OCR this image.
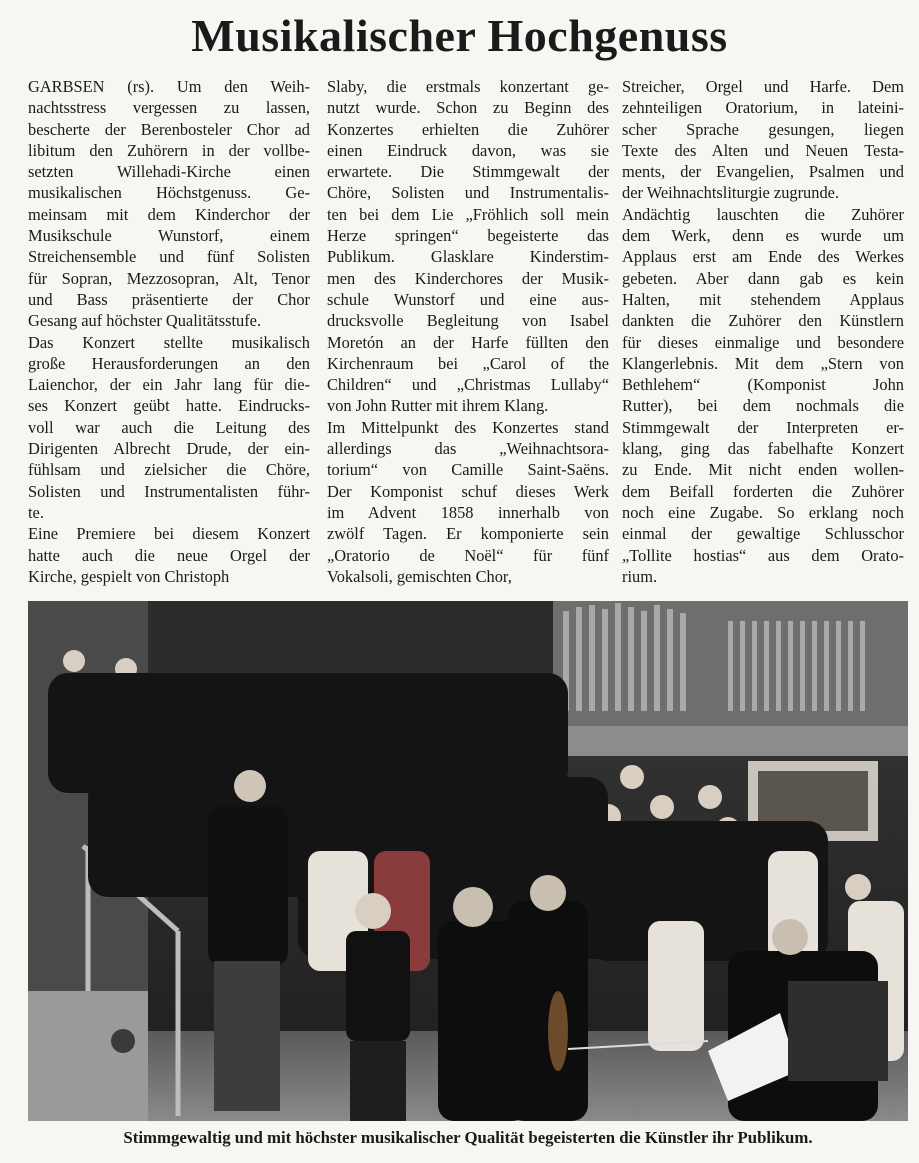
Musikalischer Hochgenuss
GARBSEN (rs). Um den Weih-
nachtsstress vergessen zu lassen,
bescherte der Berenbosteler Chor ad
libitum den Zuhörern in der vollbe-
setzten Willehadi-Kirche einen
musikalischen Höchstgenuss. Ge-
meinsam mit dem Kinderchor der
Musikschule Wunstorf, einem
Streichensemble und fünf Solisten
für Sopran, Mezzosopran, Alt, Tenor
und Bass präsentierte der Chor
Gesang auf höchster Qualitätsstufe.
Das Konzert stellte musikalisch
große Herausforderungen an den
Laienchor, der ein Jahr lang für die-
ses Konzert geübt hatte. Eindrucks-
voll war auch die Leitung des
Dirigenten Albrecht Drude, der ein-
fühlsam und zielsicher die Chöre,
Solisten und Instrumentalisten führ-
te.
Eine Premiere bei diesem Konzert
hatte auch die neue Orgel der
Kirche, gespielt von Christoph
Slaby, die erstmals konzertant ge-
nutzt wurde. Schon zu Beginn des
Konzertes erhielten die Zuhörer
einen Eindruck davon, was sie
erwartete. Die Stimmgewalt der
Chöre, Solisten und Instrumentalis-
ten bei dem Lie „Fröhlich soll mein
Herze springen“ begeisterte das
Publikum. Glasklare Kinderstim-
men des Kinderchores der Musik-
schule Wunstorf und eine aus-
drucksvolle Begleitung von Isabel
Moretón an der Harfe füllten den
Kirchenraum bei „Carol of the
Children“ und „Christmas Lullaby“
von John Rutter mit ihrem Klang.
Im Mittelpunkt des Konzertes stand
allerdings das „Weihnachtsora-
torium“ von Camille Saint-Saëns.
Der Komponist schuf dieses Werk
im Advent 1858 innerhalb von
zwölf Tagen. Er komponierte sein
„Oratorio de Noël“ für fünf
Vokalsoli, gemischten Chor,
Streicher, Orgel und Harfe. Dem
zehnteiligen Oratorium, in lateini-
scher Sprache gesungen, liegen
Texte des Alten und Neuen Testa-
ments, der Evangelien, Psalmen und
der Weihnachtsliturgie zugrunde.
Andächtig lauschten die Zuhörer
dem Werk, denn es wurde um
Applaus erst am Ende des Werkes
gebeten. Aber dann gab es kein
Halten, mit stehendem Applaus
dankten die Zuhörer den Künstlern
für dieses einmalige und besondere
Klangerlebnis. Mit dem „Stern von
Bethlehem“ (Komponist John
Rutter), bei dem nochmals die
Stimmgewalt der Interpreten er-
klang, ging das fabelhafte Konzert
zu Ende. Mit nicht enden wollen-
dem Beifall forderten die Zuhörer
noch eine Zugabe. So erklang noch
einmal der gewaltige Schlusschor
„Tollite hostias“ aus dem Orato-
rium.
Stimmgewaltig und mit höchster musikalischer Qualität begeisterten die Künstler ihr Publikum.
